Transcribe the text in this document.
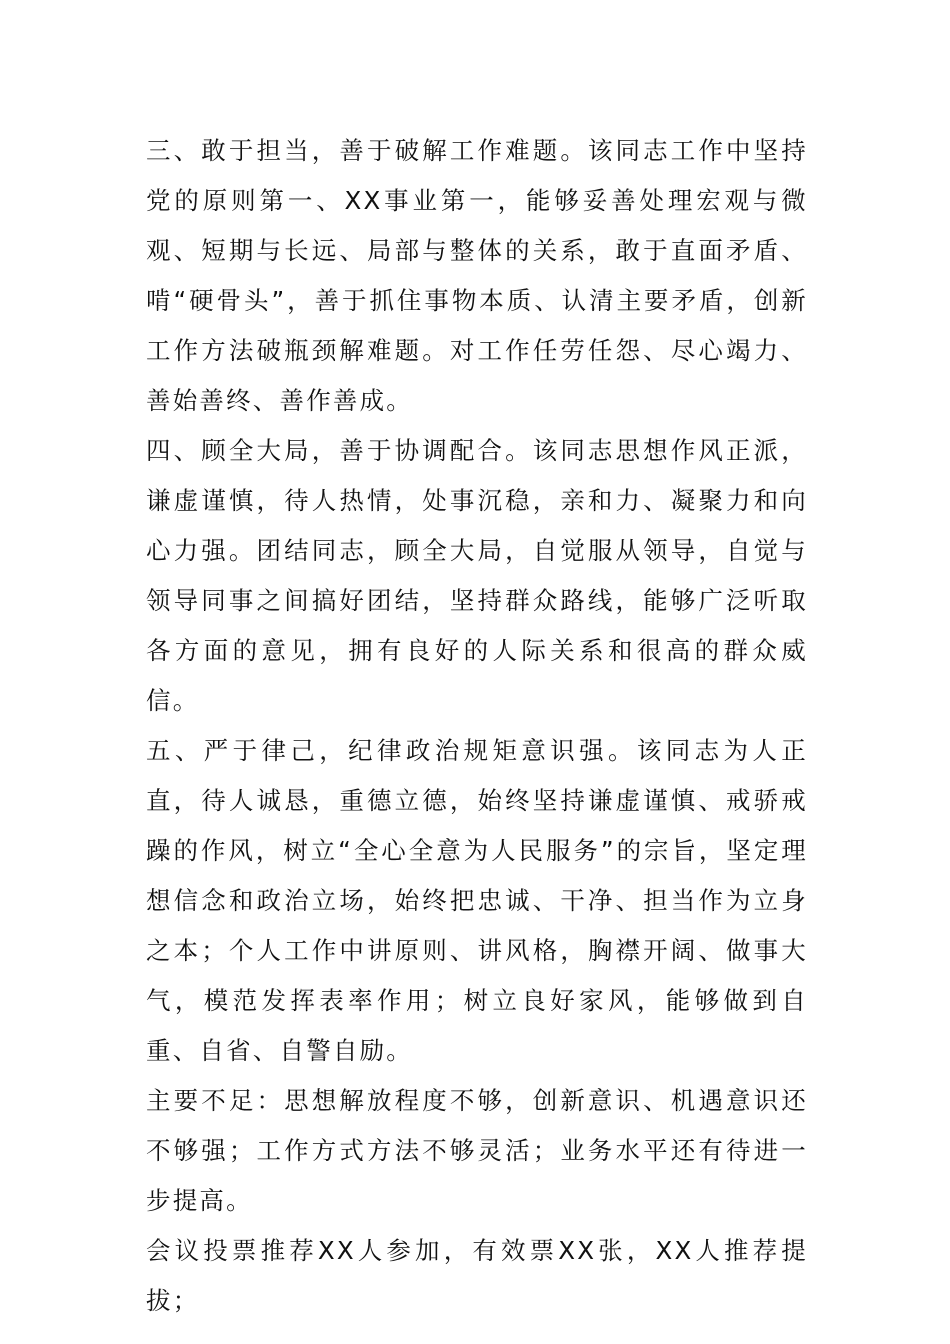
三、敢于担当，善于破解工作难题。该同志工作中坚持党的原则第一、XX事业第一，能够妥善处理宏观与微观、短期与长远、局部与整体的关系，敢于直面矛盾、啃“硬骨头”，善于抓住事物本质、认清主要矛盾，创新工作方法破瓶颈解难题。对工作任劳任怨、尽心竭力、善始善终、善作善成。

四、顾全大局，善于协调配合。该同志思想作风正派，谦虚谨慎，待人热情，处事沉稳，亲和力、凝聚力和向心力强。团结同志，顾全大局，自觉服从领导，自觉与领导同事之间搞好团结，坚持群众路线，能够广泛听取各方面的意见，拥有良好的人际关系和很高的群众威信。

五、严于律己，纪律政治规矩意识强。该同志为人正直，待人诚恳，重德立德，始终坚持谦虚谨慎、戒骄戒躁的作风，树立“全心全意为人民服务”的宗旨，坚定理想信念和政治立场，始终把忠诚、干净、担当作为立身之本；个人工作中讲原则、讲风格，胸襟开阔、做事大气，模范发挥表率作用；树立良好家风，能够做到自重、自省、自警自励。

主要不足：思想解放程度不够，创新意识、机遇意识还不够强；工作方式方法不够灵活；业务水平还有待进一步提高。

会议投票推荐XX人参加，有效票XX张，XX人推荐提拔；
